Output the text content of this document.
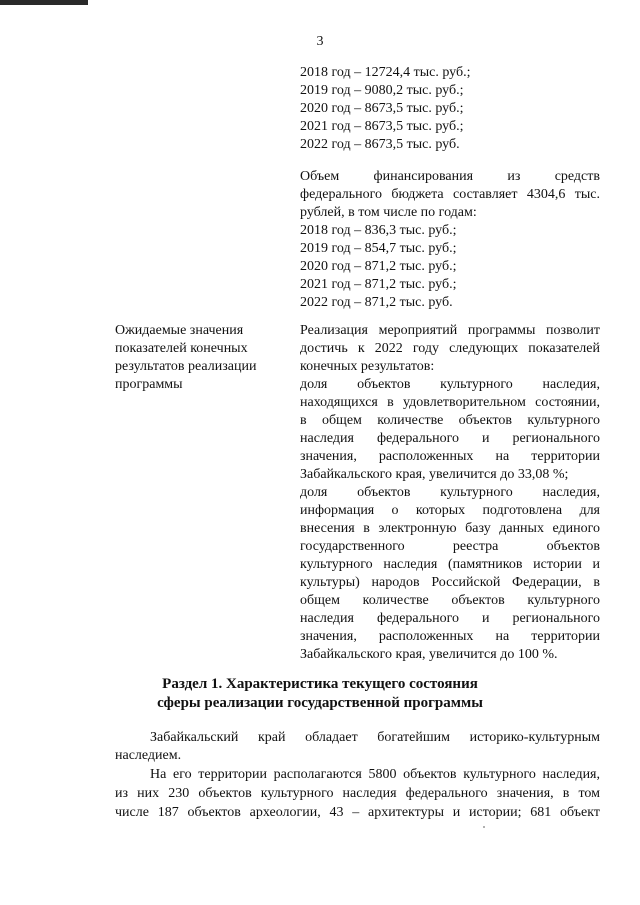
3
2018 год – 12724,4 тыс. руб.;
2019 год – 9080,2 тыс. руб.;
2020 год – 8673,5 тыс. руб.;
2021 год – 8673,5 тыс. руб.;
2022 год – 8673,5 тыс. руб.
Объем финансирования из средств
федерального бюджета составляет 4304,6 тыс.
рублей, в том числе по годам:
2018 год – 836,3 тыс. руб.;
2019 год – 854,7 тыс. руб.;
2020 год – 871,2 тыс. руб.;
2021 год – 871,2 тыс. руб.;
2022 год – 871,2 тыс. руб.
Ожидаемые значения
показателей конечных
результатов реализации
программы
Реализация мероприятий программы позволит
достичь к 2022 году следующих показателей
конечных результатов:
доля объектов культурного наследия,
находящихся в удовлетворительном состоянии,
в общем количестве объектов культурного
наследия федерального и регионального
значения, расположенных на территории
Забайкальского края, увеличится до 33,08 %;
доля объектов культурного наследия,
информация о которых подготовлена для
внесения в электронную базу данных единого
государственного реестра объектов
культурного наследия (памятников истории и
культуры) народов Российской Федерации, в
общем количестве объектов культурного
наследия федерального и регионального
значения, расположенных на территории
Забайкальского края, увеличится до 100 %.
Раздел 1. Характеристика текущего состояния
сферы реализации государственной программы
Забайкальский край обладает богатейшим историко-культурным
наследием.
На его территории располагаются 5800 объектов культурного наследия,
из них 230 объектов культурного наследия федерального значения, в том
числе 187 объектов археологии, 43 – архитектуры и истории; 681 объект
